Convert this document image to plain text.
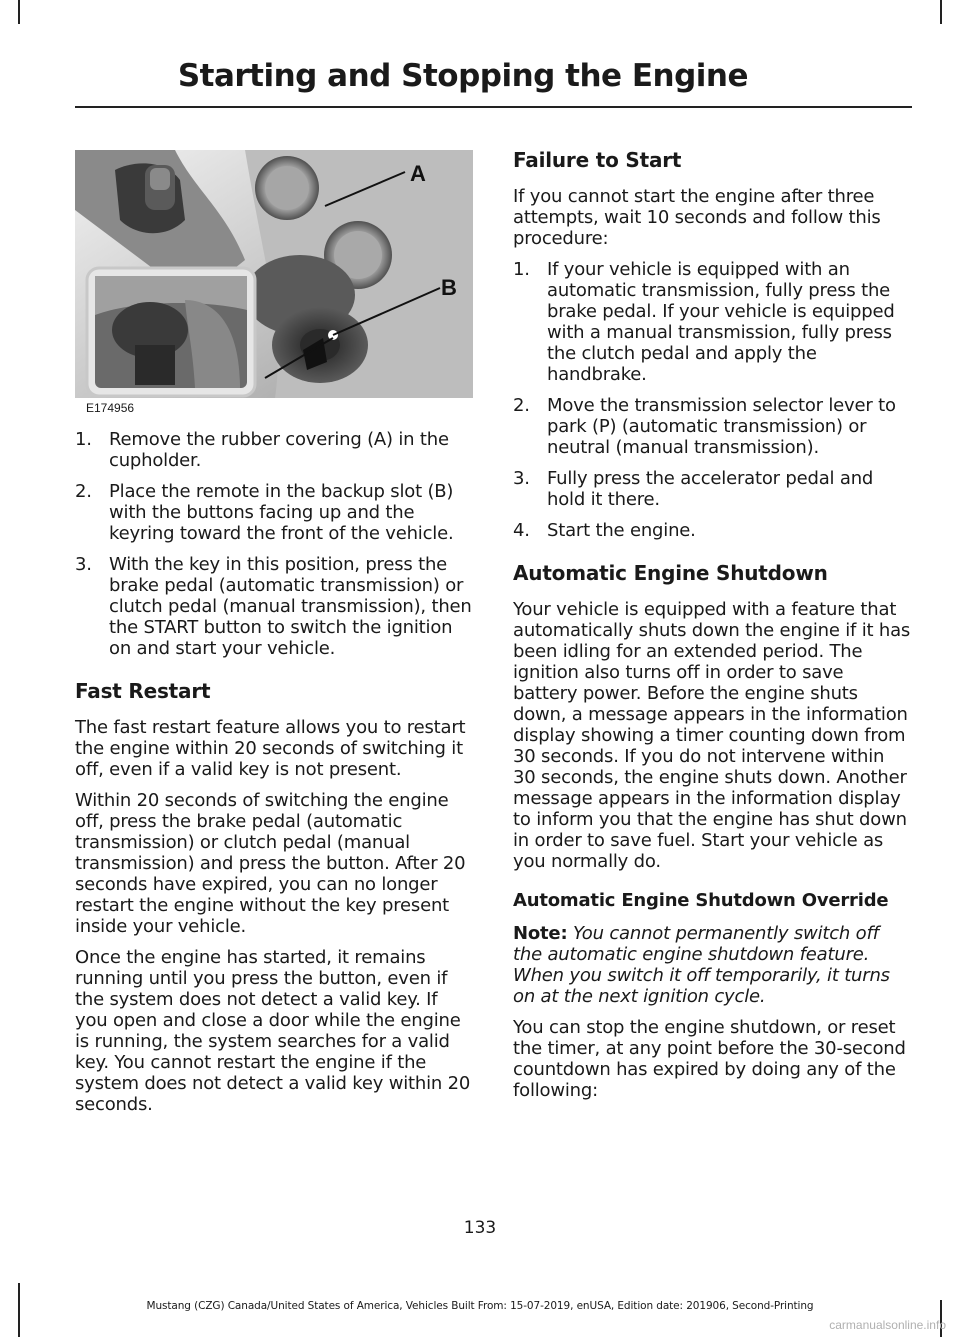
Starting and Stopping the Engine
A
B
E174956
1. Remove the rubber covering (A) in the cupholder.
2. Place the remote in the backup slot (B) with the buttons facing up and the keyring toward the front of the vehicle.
3. With the key in this position, press the brake pedal (automatic transmission) or clutch pedal (manual transmission), then the START button to switch the ignition on and start your vehicle.
Fast Restart

The fast restart feature allows you to restart the engine within 20 seconds of switching it off, even if a valid key is not present.

Within 20 seconds of switching the engine off, press the brake pedal (automatic transmission) or clutch pedal (manual transmission) and press the button. After 20 seconds have expired, you can no longer restart the engine without the key present inside your vehicle.

Once the engine has started, it remains running until you press the button, even if the system does not detect a valid key. If you open and close a door while the engine is running, the system searches for a valid key. You cannot restart the engine if the system does not detect a valid key within 20 seconds.

Failure to Start

If you cannot start the engine after three attempts, wait 10 seconds and follow this procedure:

1. If your vehicle is equipped with an automatic transmission, fully press the brake pedal. If your vehicle is equipped with a manual transmission, fully press the clutch pedal and apply the handbrake.
2. Move the transmission selector lever to park (P) (automatic transmission) or neutral (manual transmission).
3. Fully press the accelerator pedal and hold it there.
4. Start the engine.
Automatic Engine Shutdown

Your vehicle is equipped with a feature that automatically shuts down the engine if it has been idling for an extended period. The ignition also turns off in order to save battery power. Before the engine shuts down, a message appears in the information display showing a timer counting down from 30 seconds. If you do not intervene within 30 seconds, the engine shuts down. Another message appears in the information display to inform you that the engine has shut down in order to save fuel. Start your vehicle as you normally do.

Automatic Engine Shutdown Override

Note: You cannot permanently switch off the automatic engine shutdown feature. When you switch it off temporarily, it turns on at the next ignition cycle.

You can stop the engine shutdown, or reset the timer, at any point before the 30-second countdown has expired by doing any of the following:

133
Mustang (CZG) Canada/United States of America, Vehicles Built From: 15-07-2019, enUSA, Edition date: 201906, Second-Printing
carmanualsonline.info
